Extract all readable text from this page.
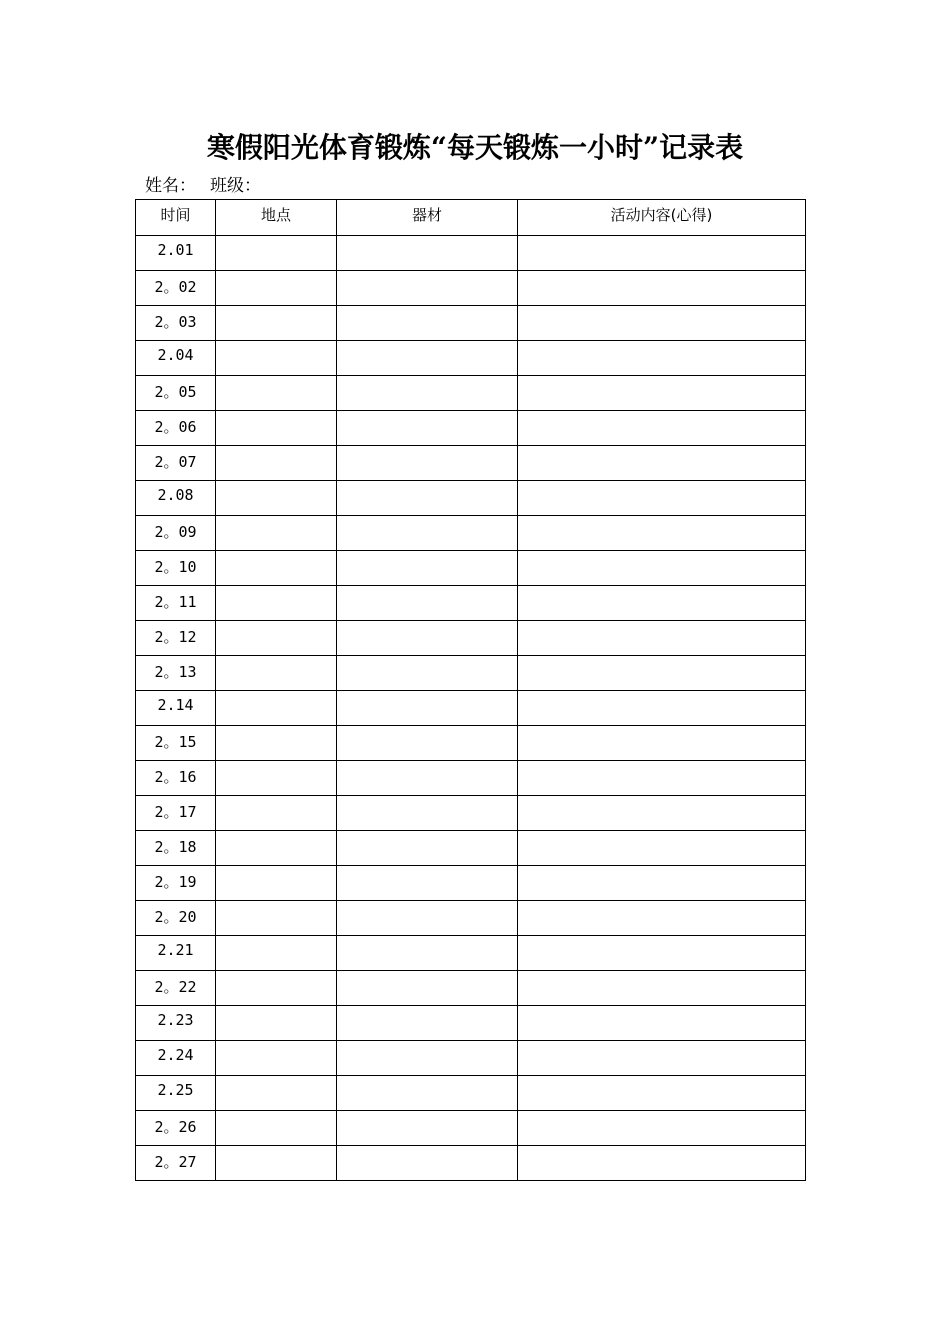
寒假阳光体育锻炼“每天锻炼一小时”记录表
姓名： 班级：
时间	地点	器材	活动内容(心得)
2.01			
2。02			
2。03			
2.04			
2。05			
2。06			
2。07			
2.08			
2。09			
2。10			
2。11			
2。12			
2。13			
2.14			
2。15			
2。16			
2。17			
2。18			
2。19			
2。20			
2.21			
2。22			
2.23			
2.24			
2.25			
2。26			
2。27			
